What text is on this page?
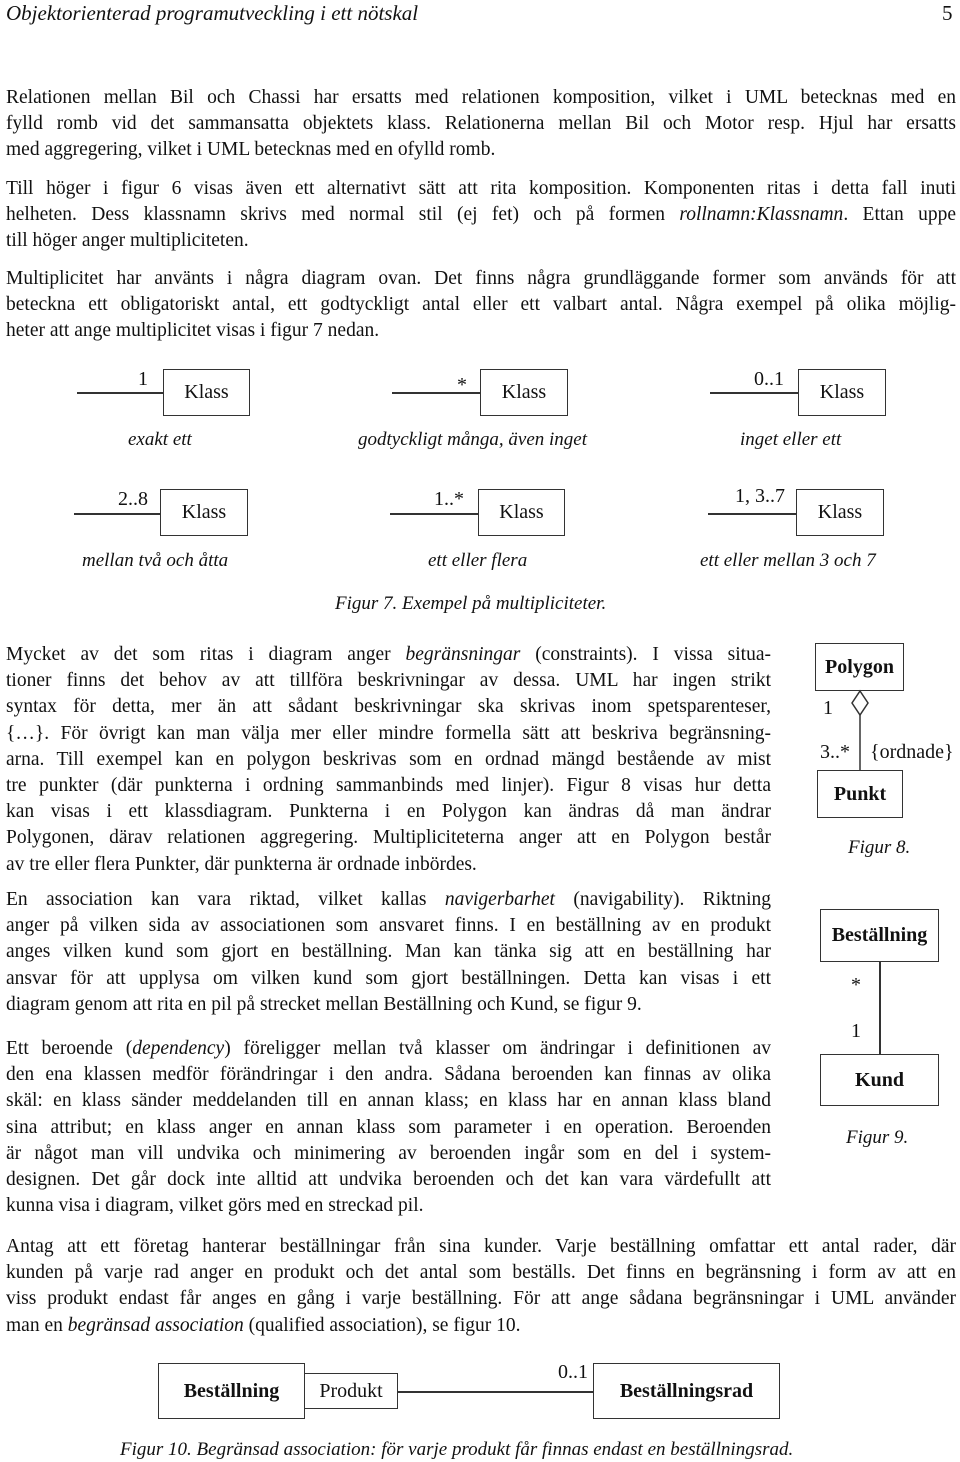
Objektorienterad programutveckling i ett nötskal	5
Relationen mellan Bil och Chassi har ersatts med relationen komposition, vilket i UML betecknas med en
fylld romb vid det sammansatta objektets klass. Relationerna mellan Bil och Motor resp. Hjul har ersatts
med aggregering, vilket i UML betecknas med en ofylld romb.
Till höger i figur 6 visas även ett alternativt sätt att rita komposition. Komponenten ritas i detta fall inuti
helheten. Dess klassnamn skrivs med normal stil (ej fet) och på formen rollnamn:Klassnamn. Ettan uppe
till höger anger multipliciteten.
Multiplicitet har använts i några diagram ovan. Det finns några grundläggande former som används för att
beteckna ett obligatoriskt antal, ett godtyckligt antal eller ett valbart antal. Några exempel på olika möjlig-
heter att ange multiplicitet visas i figur 7 nedan.
1
Klass
exakt ett
*	Klass
godtyckligt många, även inget
0..1
Klass
inget eller ett
2..8
Klass
mellan två och åtta
1..*
Klass
ett eller flera
1, 3..7
Klass
ett eller mellan 3 och 7
Figur 7. Exempel på multipliciteter.
Mycket av det som ritas i diagram anger begränsningar (constraints). I vissa situa-
tioner finns det behov av att tillföra beskrivningar av dessa. UML har ingen strikt
syntax för detta, mer än att sådant beskrivningar ska skrivas inom spetsparenteser,
{…}. För övrigt kan man välja mer eller mindre formella sätt att beskriva begränsning-
arna. Till exempel kan en polygon beskrivas som en ordnad mängd bestående av mist
tre punkter (där punkterna i ordning sammanbinds med linjer). Figur 8 visas hur detta
kan visas i ett klassdiagram. Punkterna i en Polygon kan ändras då man ändrar
Polygonen, därav relationen aggregering. Multipliciteterna anger att en Polygon består
av tre eller flera Punkter, där punkterna är ordnade inbördes.
Polygon
1
3..* {ordnade}
Punkt
Figur 8.
En association kan vara riktad, vilket kallas navigerbarhet (navigability). Riktning
anger på vilken sida av associationen som ansvaret finns. I en beställning av en produkt
anges vilken kund som gjort en beställning. Man kan tänka sig att en beställning har
ansvar för att upplysa om vilken kund som gjort beställningen. Detta kan visas i ett
diagram genom att rita en pil på strecket mellan Beställning och Kund, se figur 9.
Beställning
*
1
Kund
Figur 9.
Ett beroende (dependency) föreligger mellan två klasser om ändringar i definitionen av
den ena klassen medför förändringar i den andra. Sådana beroenden kan finnas av olika
skäl: en klass sänder meddelanden till en annan klass; en klass har en annan klass bland
sina attribut; en klass anger en annan klass som parameter i en operation. Beroenden
är något man vill undvika och minimering av beroenden ingår som en del i system-
designen. Det går dock inte alltid att undvika beroenden och det kan vara värdefullt att
kunna visa i diagram, vilket görs med en streckad pil.
Antag att ett företag hanterar beställningar från sina kunder. Varje beställning omfattar ett antal rader, där
kunden på varje rad anger en produkt och det antal som beställs. Det finns en begränsning i form av att en
viss produkt endast får anges en gång i varje beställning. För att ange sådana begränsningar i UML använder
man en begränsad association (qualified association), se figur 10.
Beställning	Produkt
0..1
Beställningsrad
Figur 10. Begränsad association: för varje produkt får finnas endast en beställningsrad.
